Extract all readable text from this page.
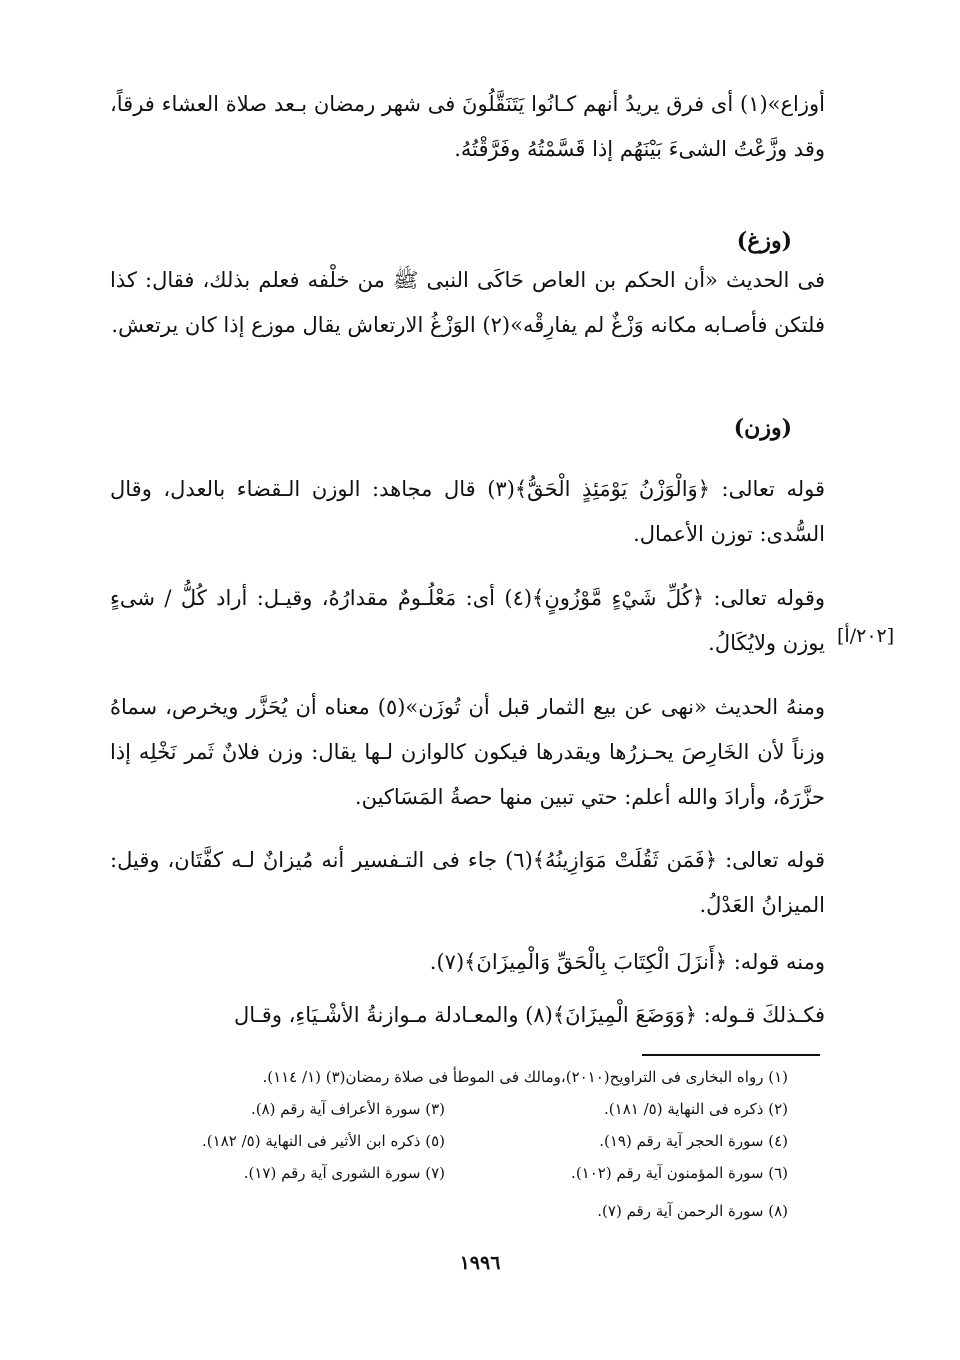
أوزاع»(١) أى فرق يريدُ أنهم كـانُوا يَتَنَقَّلُونَ فى شهر رمضان بـعد صلاة العشاء فرقاً، وقد وزَّعْتُ الشىءَ بَيْنَهُم إذا قَسَّمْتُهُ وفَرَّقْتُهُ.

(وزغ)

فى الحديث «أن الحكم بن العاص حَاكَى النبى ﷺ من خلْفه فعلم بذلك، فقال: كذا فلتكن فأصـابه مكانه وَزْغٌ لم يفارِقْه»(٢) الوَزْغُ الارتعاش يقال موزع إذا كان يرتعش.

(وزن)

قوله تعالى: ﴿وَالْوَزْنُ يَوْمَئِذٍ الْحَقُّ﴾(٣) قال مجاهد: الوزن الـقضاء بالعدل، وقال السُّدى: توزن الأعمال.

وقوله تعالى: ﴿كُلِّ شَيْءٍ مَّوْزُونٍ﴾(٤) أى: مَعْلُـومٌ مقدارُهُ، وقيـل: أراد كُلُّ / شىءٍ يوزن ولايُكَالُ. [٢٠٢/أ]

ومنهُ الحديث «نهى عن بيع الثمار قبل أن تُوزَن»(٥) معناه أن يُحَزَّر ويخرص، سماهُ وزناً لأن الخَارِصَ يحـزرُها ويقدرها فيكون كالوازن لـها يقال: وزن فلانٌ ثَمر نَخْلِه إذا حزَّرَهُ، وأرادَ والله أعلم: حتي تبين منها حصةُ المَسَاكين.

قوله تعالى: ﴿فَمَن ثَقُلَتْ مَوَازِينُهُ﴾(٦) جاء فى التـفسير أنه مُيزانٌ لـه كفَّتَان، وقيل: الميزانُ العَدْلُ.

ومنه قوله: ﴿أَنزَلَ الْكِتَابَ بِالْحَقِّ وَالْمِيزَانَ﴾(٧).

فكـذلكَ قـوله: ﴿وَوَضَعَ الْمِيزَانَ﴾(٨) والمعـادلة مـوازنةُ الأشْـيَاءِ، وقـال

(١) رواه البخارى فى التراويح(٢٠١٠)،ومالك فى الموطأ فى صلاة رمضان(٣) (١/ ١١٤).
(٢) ذكره فى النهاية (٥/ ١٨١).
(٣) سورة الأعراف آية رقم (٨).
(٤) سورة الحجر آية رقم (١٩).
(٥) ذكره ابن الأثير فى النهاية (٥/ ١٨٢).
(٦) سورة المؤمنون آية رقم (١٠٢).
(٧) سورة الشورى آية رقم (١٧).
(٨) سورة الرحمن آية رقم (٧).
١٩٩٦
